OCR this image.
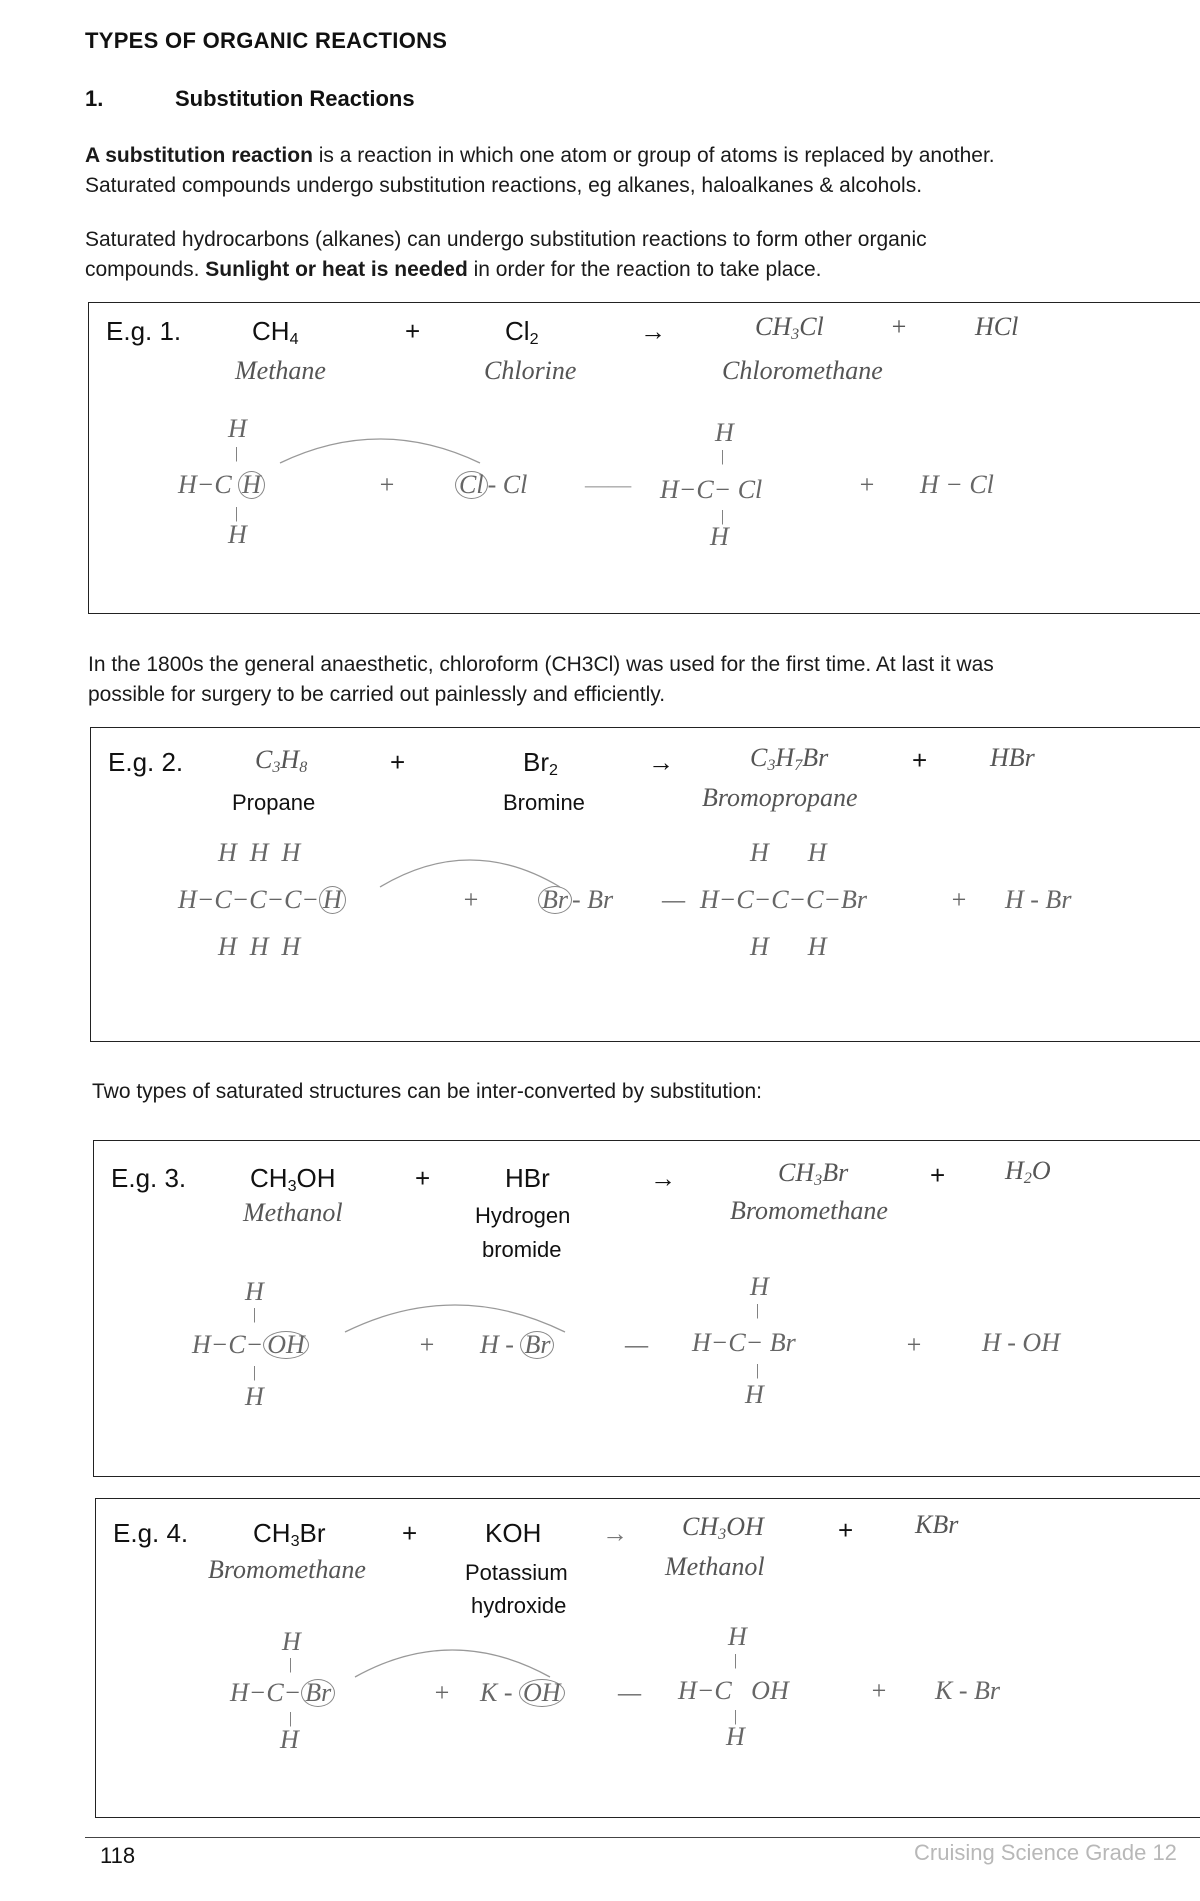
TYPES OF ORGANIC REACTIONS
1.	Substitution Reactions
A substitution reaction is a reaction in which one atom or group of atoms is replaced by another.
Saturated compounds undergo substitution reactions, eg alkanes, haloalkanes & alcohols.
Saturated hydrocarbons (alkanes) can undergo substitution reactions to form other organic
compounds. Sunlight or heat is needed in order for the reaction to take place.
E.g. 1.	$CH_4$	+	$Cl_2$	→	$CH_3Cl$	+	HCl
Methane	Chlorine	Chloromethane
H
|
H−C H
|
H
+ Cl - Cl ——
H
|
H−C− Cl
|
H
+ H − Cl
In the 1800s the general anaesthetic, chloroform (CH3Cl) was used for the first time. At last it was
possible for surgery to be carried out painlessly and efficiently.
E.g. 2.	$C_3H_8$	+	$Br_2$	→	$C_3H_7Br$	+ HBr
Propane	Bromine	Bromopropane
H  H  H
H−C−C−C− H
H  H  H
+ Br - Br —
H      H
H−C−C−C−Br
H      H
+ H - Br
Two types of saturated structures can be inter-converted by substitution:
E.g. 3. $CH_3OH$	+	HBr	→	$CH_3Br$	+ $H_2O$
Methanol	Hydrogen
bromide
Bromomethane
H
|
H−C− OH
|
H
+ H - Br	—
H
|
H−C− Br
|
H
+ H - OH
E.g. 4. $CH_3Br$	+	KOH → $CH_3OH$	+ KBr
Bromomethane	Potassium
hydroxide
Methanol
H
|
H−C− Br
|
H
+ K - OH —
H
|
H−C   OH
|
H
+ K - Br
118	Cruising Science Grade 12
